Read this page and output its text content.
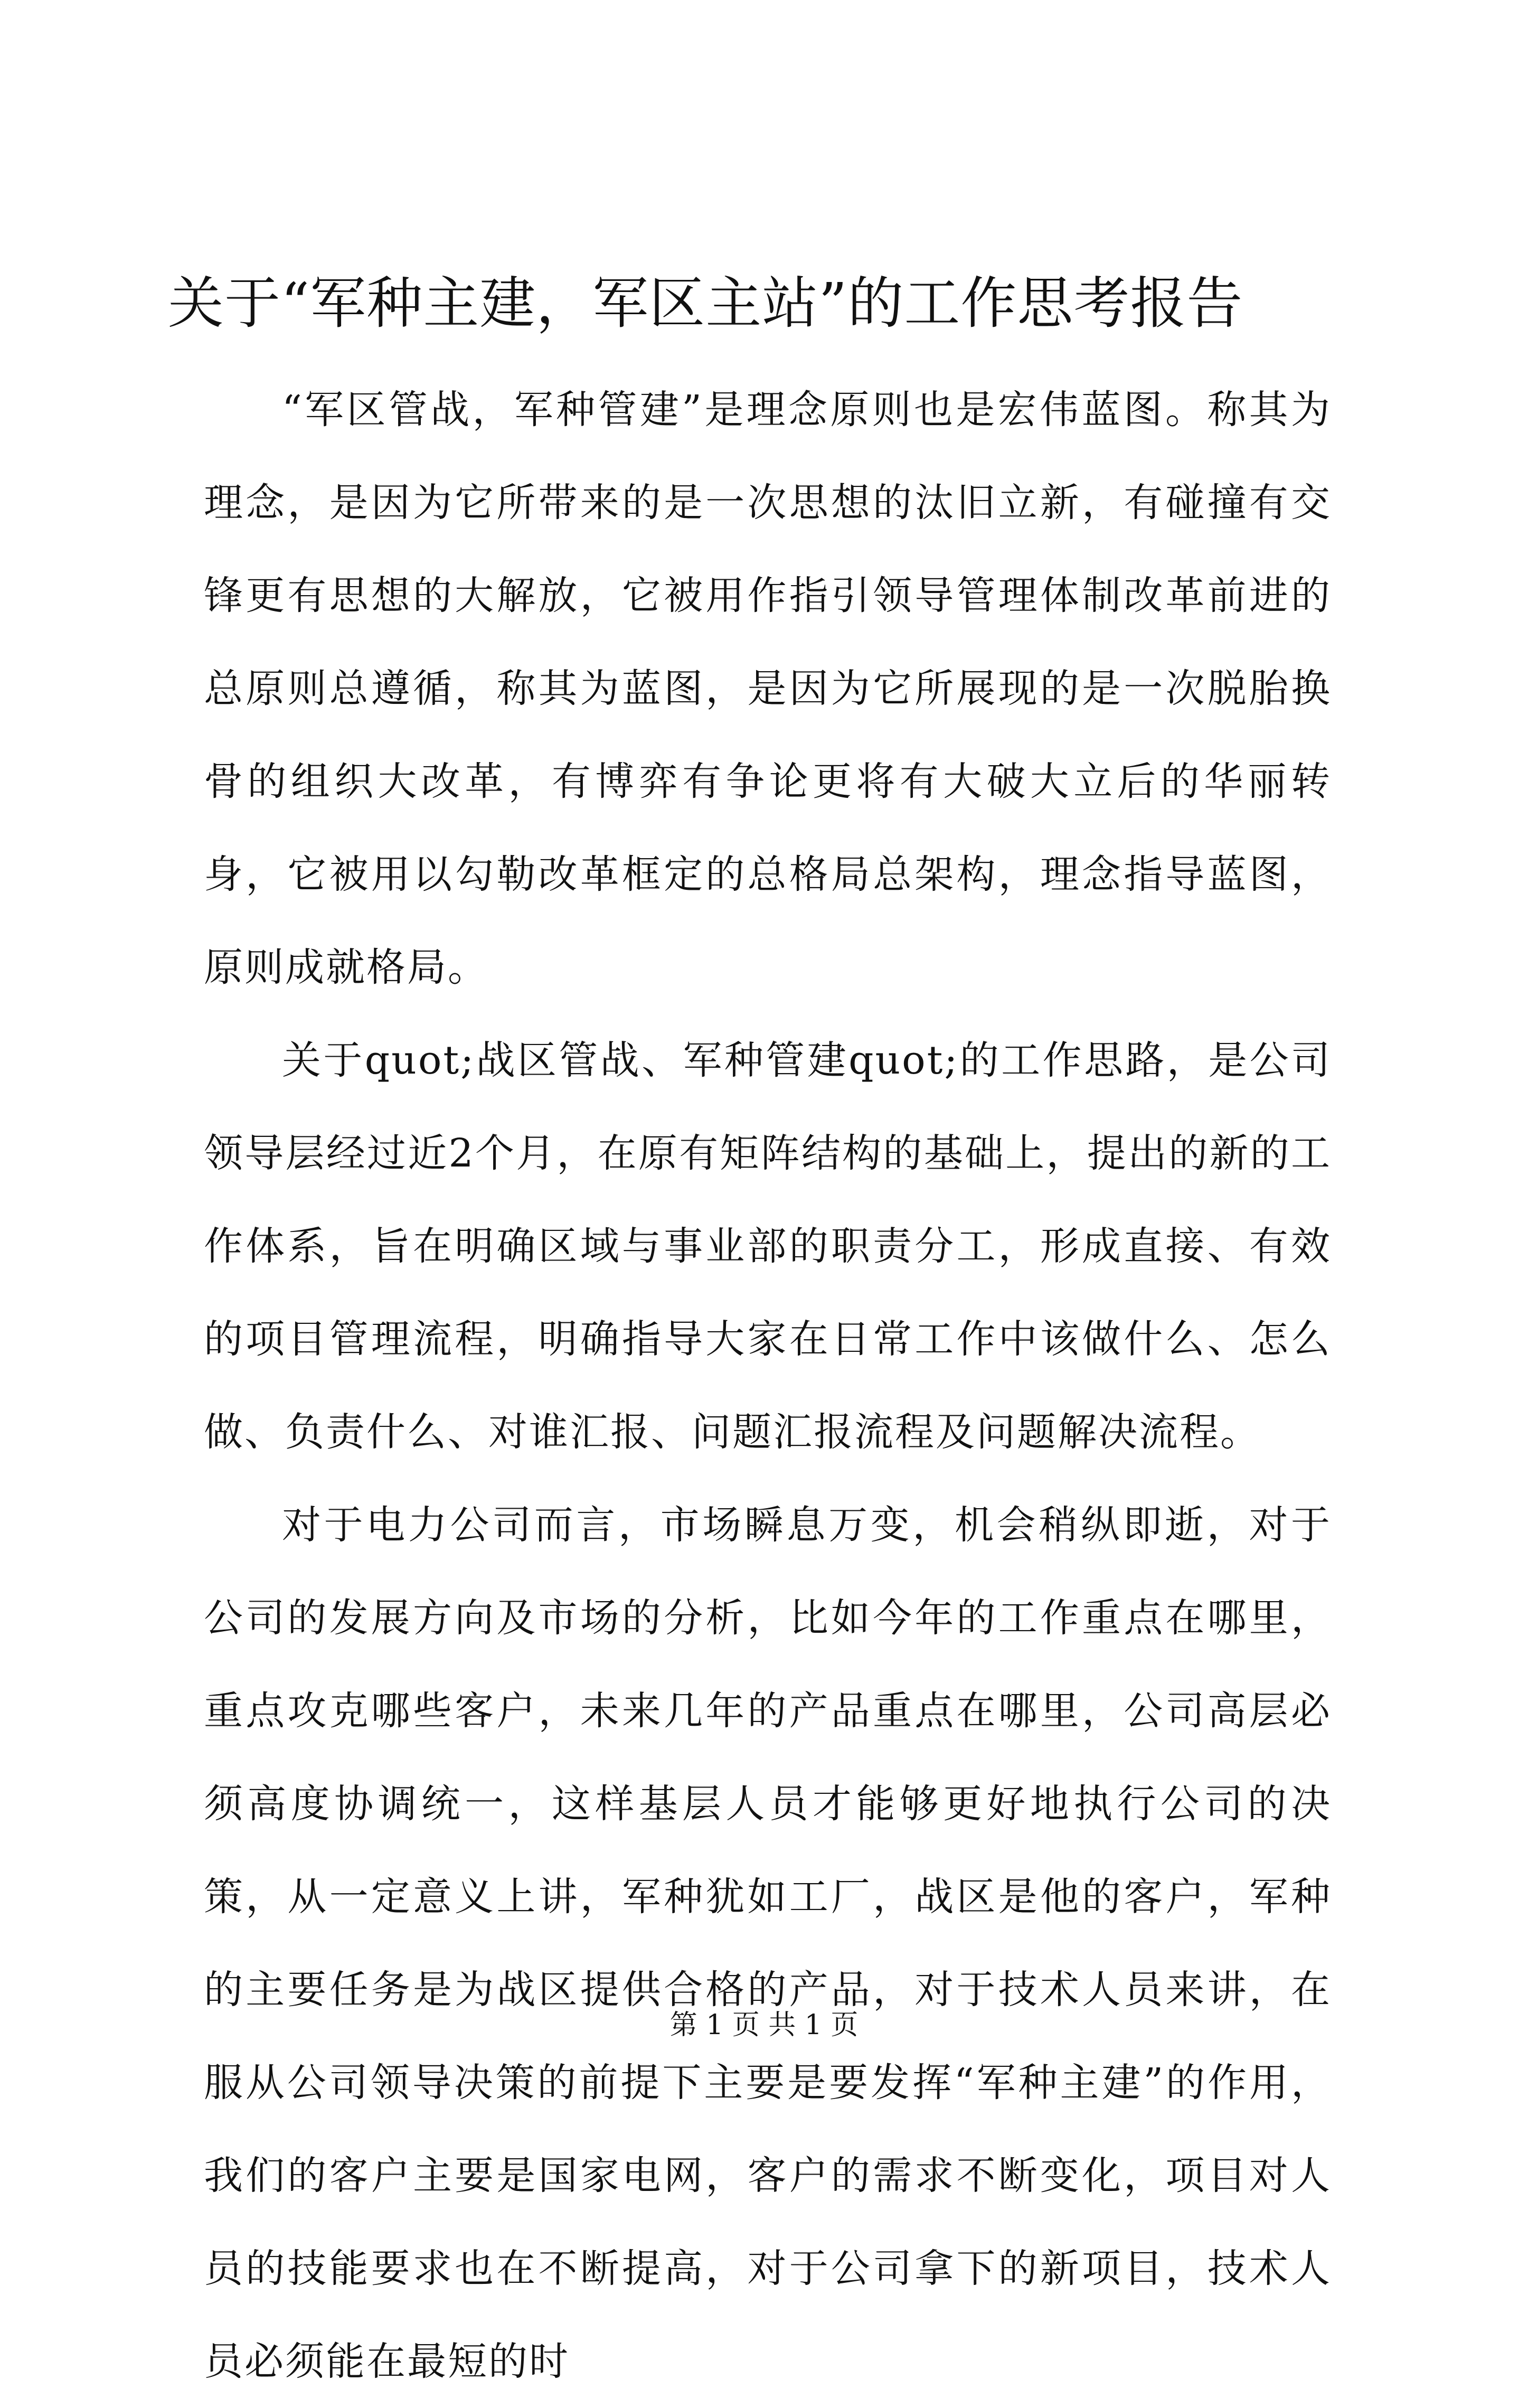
关于“军种主建，军区主站”的工作思考报告

“军区管战，军种管建”是理念原则也是宏伟蓝图。称其为理念，是因为它所带来的是一次思想的汰旧立新，有碰撞有交锋更有思想的大解放，它被用作指引领导管理体制改革前进的总原则总遵循，称其为蓝图，是因为它所展现的是一次脱胎换骨的组织大改革，有博弈有争论更将有大破大立后的华丽转身，它被用以勾勒改革框定的总格局总架构，理念指导蓝图，原则成就格局。

关于quot;战区管战、军种管建quot;的工作思路，是公司领导层经过近2个月，在原有矩阵结构的基础上，提出的新的工作体系，旨在明确区域与事业部的职责分工，形成直接、有效的项目管理流程，明确指导大家在日常工作中该做什么、怎么做、负责什么、对谁汇报、问题汇报流程及问题解决流程。

对于电力公司而言，市场瞬息万变，机会稍纵即逝，对于公司的发展方向及市场的分析，比如今年的工作重点在哪里，重点攻克哪些客户，未来几年的产品重点在哪里，公司高层必须高度协调统一，这样基层人员才能够更好地执行公司的决策，从一定意义上讲，军种犹如工厂，战区是他的客户，军种的主要任务是为战区提供合格的产品，对于技术人员来讲，在服从公司领导决策的前提下主要是要发挥“军种主建”的作用，我们的客户主要是国家电网，客户的需求不断变化，项目对人员的技能要求也在不断提高，对于公司拿下的新项目，技术人员必须能在最短的时

第 1 页 共 1 页
